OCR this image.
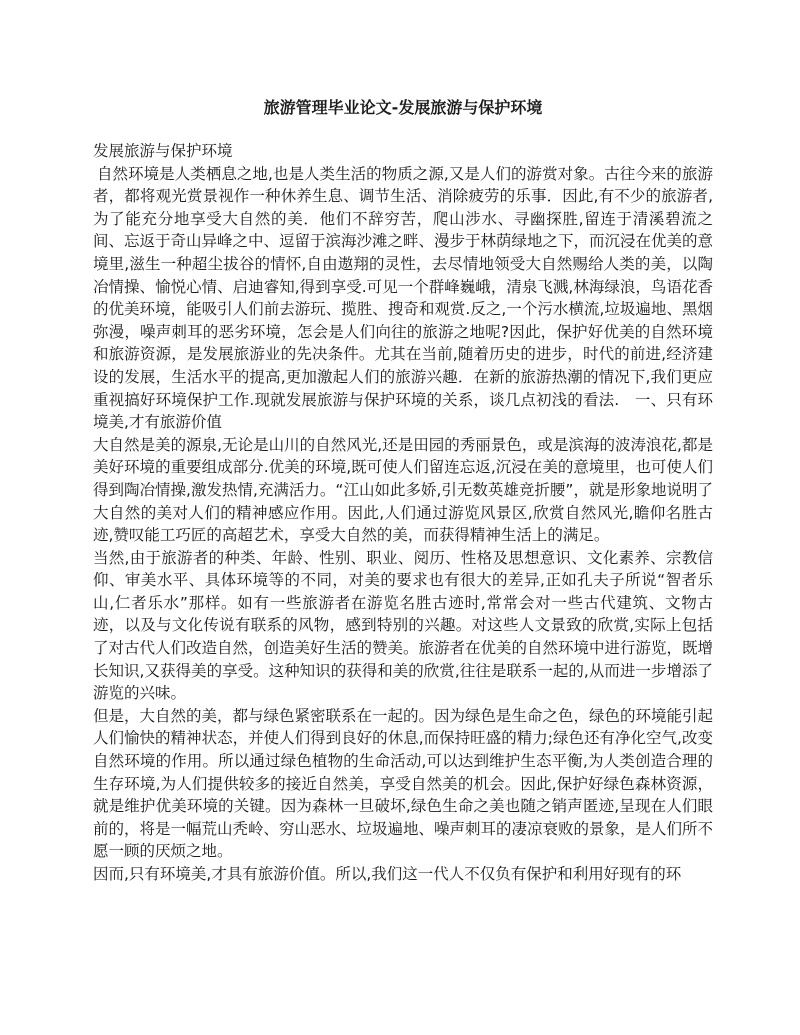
旅游管理毕业论文-发展旅游与保护环境

发展旅游与保护环境

自然环境是人类栖息之地,也是人类生活的物质之源,又是人们的游赏对象。古往今来的旅游者，都将观光赏景视作一种休养生息、调节生活、消除疲劳的乐事．因此,有不少的旅游者,为了能充分地享受大自然的美．他们不辞穷苦，爬山涉水、寻幽探胜,留连于清溪碧流之间、忘返于奇山异峰之中、逗留于滨海沙滩之畔、漫步于林荫绿地之下，而沉浸在优美的意境里,滋生一种超尘拔谷的情怀,自由遨翔的灵性，去尽情地领受大自然赐给人类的美，以陶冶情操、愉悦心情、启迪睿知,得到享受.可见一个群峰巍峨，清泉飞溅,林海绿浪，鸟语花香的优美环境，能吸引人们前去游玩、揽胜、搜奇和观赏.反之,一个污水横流,垃圾遍地、黑烟弥漫，噪声刺耳的恶劣环境，怎会是人们向往的旅游之地呢?因此，保护好优美的自然环境和旅游资源，是发展旅游业的先决条件。尤其在当前,随着历史的进步，时代的前进,经济建设的发展，生活水平的提高,更加激起人们的旅游兴趣．在新的旅游热潮的情况下,我们更应重视搞好环境保护工作.现就发展旅游与保护环境的关系，谈几点初浅的看法.　一、只有环境美,才有旅游价值

大自然是美的源泉,无论是山川的自然风光,还是田园的秀丽景色，或是滨海的波涛浪花,都是美好环境的重要组成部分.优美的环境,既可使人们留连忘返,沉浸在美的意境里，也可使人们得到陶冶情操,激发热情,充满活力。“江山如此多娇,引无数英雄竞折腰”，就是形象地说明了大自然的美对人们的精神感应作用。因此,人们通过游览风景区,欣赏自然风光,瞻仰名胜古迹,赞叹能工巧匠的高超艺术，享受大自然的美，而获得精神生活上的满足。

当然,由于旅游者的种类、年龄、性别、职业、阅历、性格及思想意识、文化素养、宗教信仰、审美水平、具体环境等的不同，对美的要求也有很大的差异,正如孔夫子所说“智者乐山,仁者乐水”那样。如有一些旅游者在游览名胜古迹时,常常会对一些古代建筑、文物古迹，以及与文化传说有联系的风物，感到特别的兴趣。对这些人文景致的欣赏,实际上包括了对古代人们改造自然，创造美好生活的赞美。旅游者在优美的自然环境中进行游览，既增长知识,又获得美的享受。这种知识的获得和美的欣赏,往往是联系一起的,从而进一步增添了游览的兴味。

但是，大自然的美，都与绿色紧密联系在一起的。因为绿色是生命之色，绿色的环境能引起人们愉快的精神状态，并使人们得到良好的休息,而保持旺盛的精力;绿色还有净化空气,改变自然环境的作用。所以通过绿色植物的生命活动,可以达到维护生态平衡,为人类创造合理的生存环境,为人们提供较多的接近自然美，享受自然美的机会。因此,保护好绿色森林资源，就是维护优美环境的关键。因为森林一旦破坏,绿色生命之美也随之销声匿迹,呈现在人们眼前的，将是一幅荒山秃岭、穷山恶水、垃圾遍地、噪声刺耳的凄凉衰败的景象，是人们所不愿一顾的厌烦之地。

因而,只有环境美,才具有旅游价值。所以,我们这一代人不仅负有保护和利用好现有的环
